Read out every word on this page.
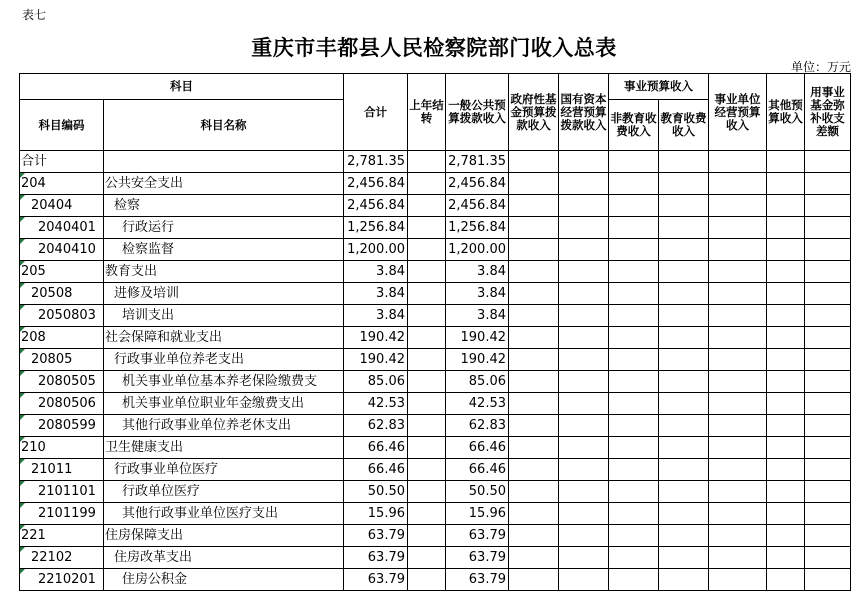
表七
重庆市丰都县人民检察院部门收入总表
单位：万元
科目		合计	上年结转	一般公共预算拨款收入	政府性基金预算拨款收入	国有资本经营预算拨款收入	事业预算收入		事业单位经营预算收入	其他预算收入	用事业基金弥补收支差额
科目编码	科目名称						非教育收费收入	教育收费收入			
合计		2,781.35		2,781.35							
204	公共安全支出	2,456.84		2,456.84							
20404	检察	2,456.84		2,456.84							
2040401	行政运行	1,256.84		1,256.84							
2040410	检察监督	1,200.00		1,200.00							
205	教育支出	3.84		3.84							
20508	进修及培训	3.84		3.84							
2050803	培训支出	3.84		3.84							
208	社会保障和就业支出	190.42		190.42							
20805	行政事业单位养老支出	190.42		190.42							
2080505	机关事业单位基本养老保险缴费支	85.06		85.06							
2080506	机关事业单位职业年金缴费支出	42.53		42.53							
2080599	其他行政事业单位养老休支出	62.83		62.83							
210	卫生健康支出	66.46		66.46							
21011	行政事业单位医疗	66.46		66.46							
2101101	行政单位医疗	50.50		50.50							
2101199	其他行政事业单位医疗支出	15.96		15.96							
221	住房保障支出	63.79		63.79							
22102	住房改革支出	63.79		63.79							
2210201	住房公积金	63.79		63.79							
